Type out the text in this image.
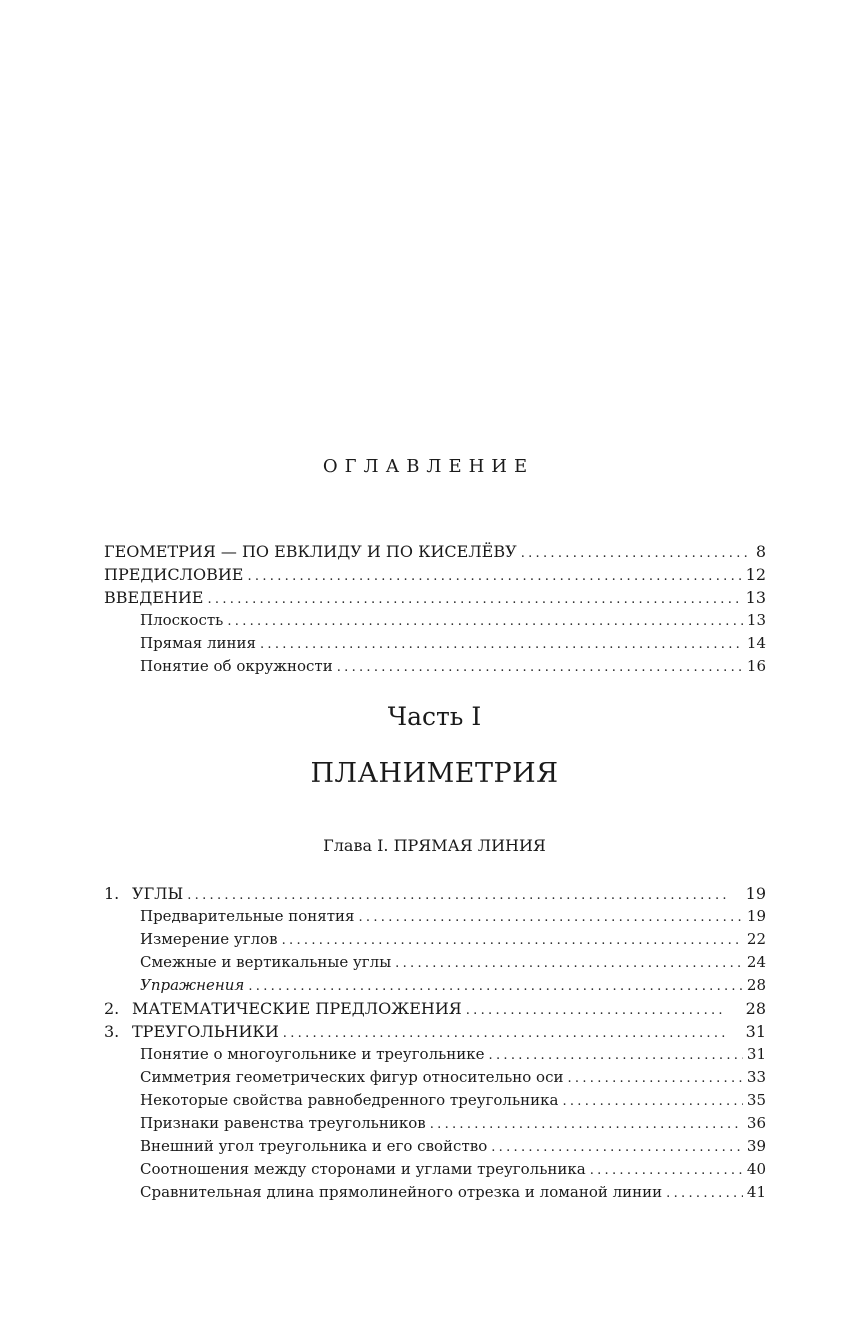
ОГЛАВЛЕНИЕ
ГЕОМЕТРИЯ — ПО ЕВКЛИДУ И ПО КИСЕЛЁВУ .....	8
ПРЕДИСЛОВИЕ .....	12
ВВЕДЕНИЕ .....	13
Плоскость .....	13
Прямая линия .....	14
Понятие об окружности .....	16
Часть I
ПЛАНИМЕТРИЯ
Глава I. ПРЯМАЯ ЛИНИЯ
1. УГЛЫ .....	19
Предварительные понятия .....	19
Измерение углов .....	22
Смежные и вертикальные углы .....	24
Упражнения .....	28
2. МАТЕМАТИЧЕСКИЕ ПРЕДЛОЖЕНИЯ .....	28
3. ТРЕУГОЛЬНИКИ .....	31
Понятие о многоугольнике и треугольнике .....	31
Симметрия геометрических фигур относительно оси .....	33
Некоторые свойства равнобедренного треугольника .....	35
Признаки равенства треугольников .....	36
Внешний угол треугольника и его свойство .....	39
Соотношения между сторонами и углами треугольника .....	40
Сравнительная длина прямолинейного отрезка и ломаной линии .....	41
